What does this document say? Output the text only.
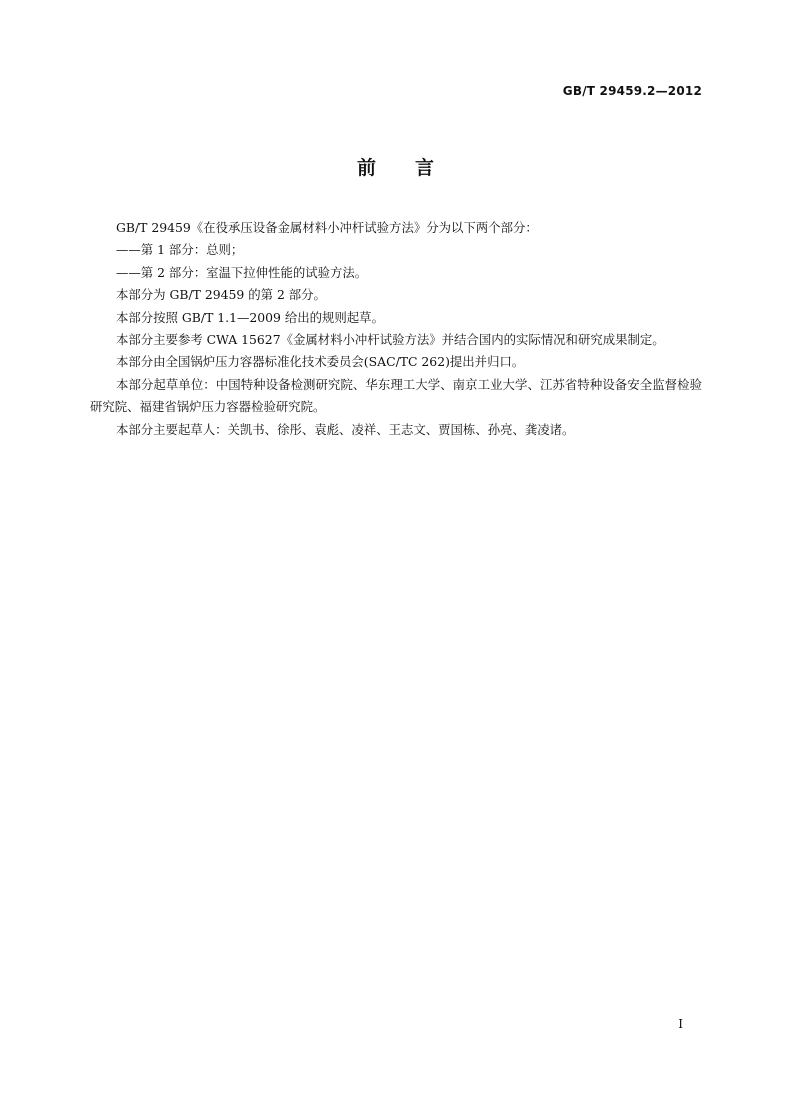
GB/T 29459.2—2012
前 言

GB/T 29459《在役承压设备金属材料小冲杆试验方法》分为以下两个部分：

——第 1 部分：总则；

——第 2 部分：室温下拉伸性能的试验方法。

本部分为 GB/T 29459 的第 2 部分。

本部分按照 GB/T 1.1—2009 给出的规则起草。

本部分主要参考 CWA 15627《金属材料小冲杆试验方法》并结合国内的实际情况和研究成果制定。

本部分由全国锅炉压力容器标准化技术委员会(SAC/TC 262)提出并归口。

本部分起草单位：中国特种设备检测研究院、华东理工大学、南京工业大学、江苏省特种设备安全监督检验研究院、福建省锅炉压力容器检验研究院。

本部分主要起草人：关凯书、徐彤、袁彪、凌祥、王志文、贾国栋、孙亮、龚凌诸。

I
